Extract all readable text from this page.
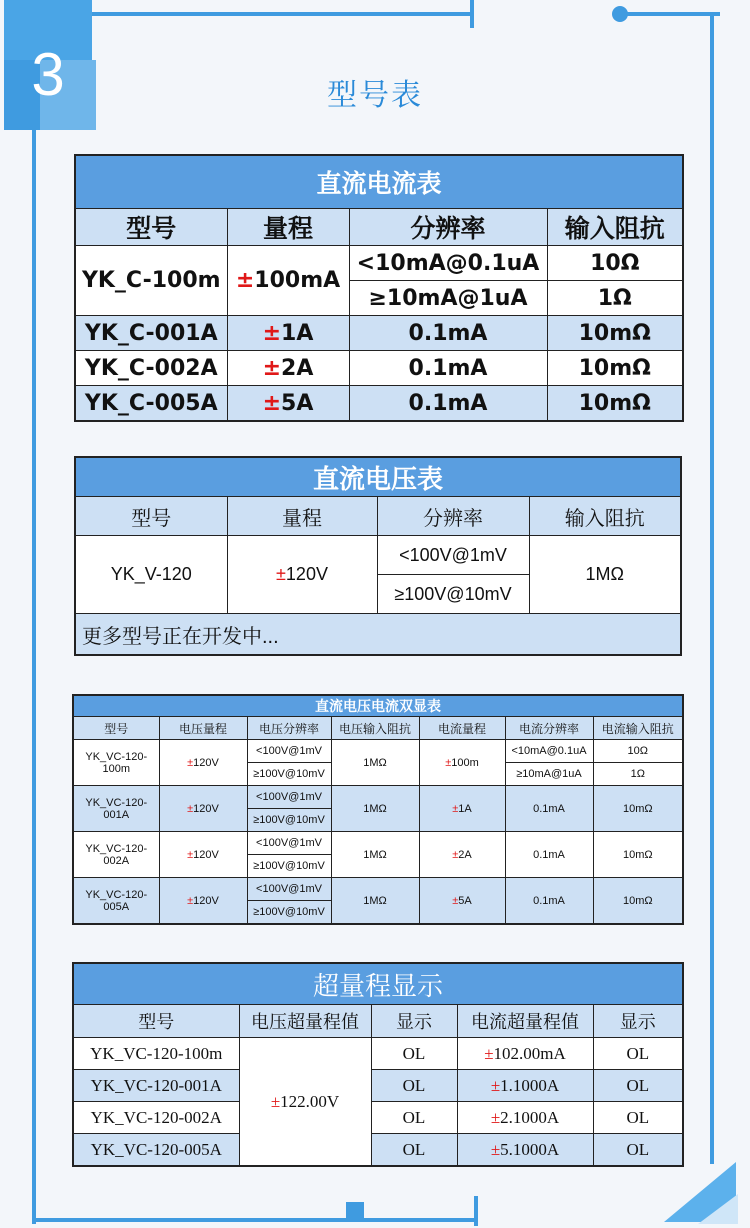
3	型号表
直流电流表			
型号	量程	分辨率	输入阻抗
YK_C-100m	±100mA	<10mA@0.1uA	10Ω
		≥10mA@1uA	1Ω
YK_C-001A	±1A	0.1mA	10mΩ
YK_C-002A	±2A	0.1mA	10mΩ
YK_C-005A	±5A	0.1mA	10mΩ
直流电压表			
型号	量程	分辨率	输入阻抗
YK_V-120	±120V	<100V@1mV	1MΩ
		≥100V@10mV	
更多型号正在开发中...			
直流电压电流双显表						
型号	电压量程	电压分辨率	电压输入阻抗	电流量程	电流分辨率	电流输入阻抗
YK_VC-120-
100m	±120V	<100V@1mV	1MΩ	±100m	<10mA@0.1uA	10Ω
		≥100V@10mV			≥10mA@1uA	1Ω
YK_VC-120-
001A	±120V	<100V@1mV	1MΩ	±1A	0.1mA	10mΩ
		≥100V@10mV				
YK_VC-120-
002A	±120V	<100V@1mV	1MΩ	±2A	0.1mA	10mΩ
		≥100V@10mV				
YK_VC-120-
005A	±120V	<100V@1mV	1MΩ	±5A	0.1mA	10mΩ
		≥100V@10mV				
超量程显示				
型号	电压超量程值	显示	电流超量程值	显示
YK_VC-120-100m	±122.00V	OL	±102.00mA	OL
YK_VC-120-001A		OL	±1.1000A	OL
YK_VC-120-002A		OL	±2.1000A	OL
YK_VC-120-005A		OL	±5.1000A	OL
